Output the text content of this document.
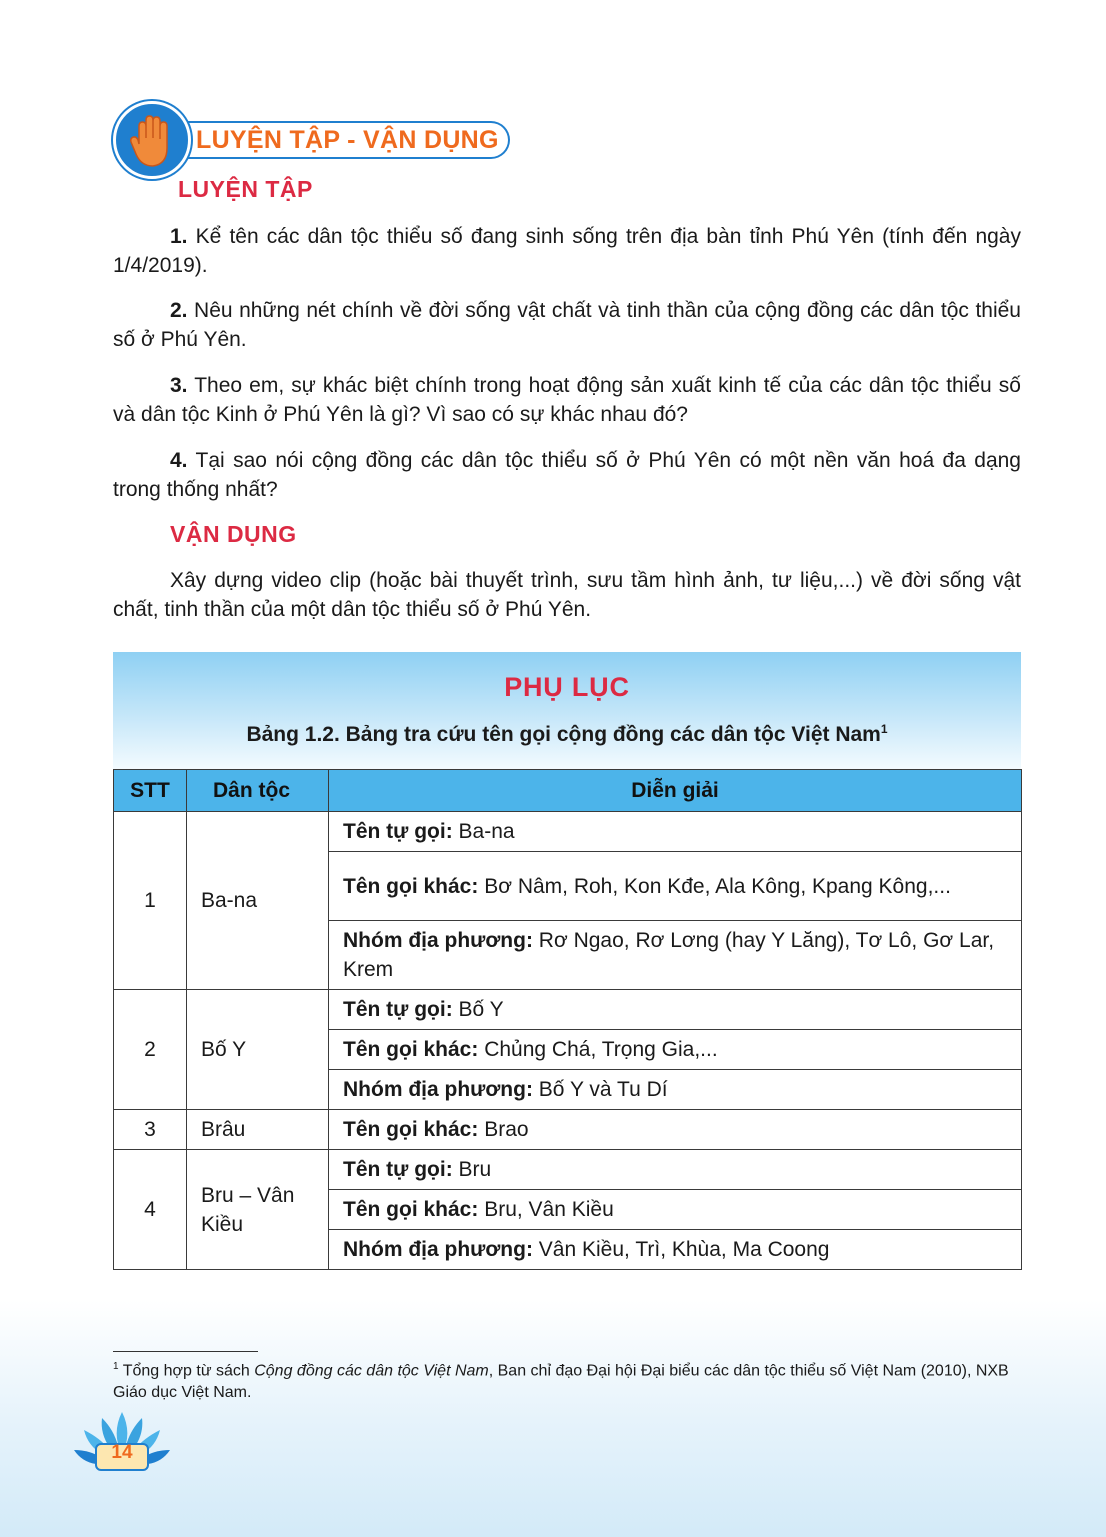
LUYỆN TẬP - VẬN DỤNG
LUYỆN TẬP

1. Kể tên các dân tộc thiểu số đang sinh sống trên địa bàn tỉnh Phú Yên (tính đến ngày 1/4/2019).

2. Nêu những nét chính về đời sống vật chất và tinh thần của cộng đồng các dân tộc thiểu số ở Phú Yên.

3. Theo em, sự khác biệt chính trong hoạt động sản xuất kinh tế của các dân tộc thiểu số và dân tộc Kinh ở Phú Yên là gì? Vì sao có sự khác nhau đó?

4. Tại sao nói cộng đồng các dân tộc thiểu số ở Phú Yên có một nền văn hoá đa dạng trong thống nhất?

VẬN DỤNG

Xây dựng video clip (hoặc bài thuyết trình, sưu tầm hình ảnh, tư liệu,...) về đời sống vật chất, tinh thần của một dân tộc thiểu số ở Phú Yên.

PHỤ LỤC
Bảng 1.2. Bảng tra cứu tên gọi cộng đồng các dân tộc Việt Nam$^1$
STT	Dân tộc	Diễn giải
1	Ba-na	Tên tự gọi: Ba-na
		Tên gọi khác: Bơ Nâm, Roh, Kon Kđe, Ala Kông, Kpang Kông,...
		Nhóm địa phương: Rơ Ngao, Rơ Lơng (hay Y Lăng), Tơ Lô, Gơ Lar, Krem
2	Bố Y	Tên tự gọi: Bố Y
		Tên gọi khác: Chủng Chá, Trọng Gia,...
		Nhóm địa phương: Bố Y và Tu Dí
3	Brâu	Tên gọi khác: Brao
4	Bru – Vân Kiều	Tên tự gọi: Bru
		Tên gọi khác: Bru, Vân Kiều
		Nhóm địa phương: Vân Kiều, Trì, Khùa, Ma Coong

$^1$ Tổng hợp từ sách Cộng đồng các dân tộc Việt Nam, Ban chỉ đạo Đại hội Đại biểu các dân tộc thiểu số Việt Nam (2010), NXB Giáo dục Việt Nam.

14
